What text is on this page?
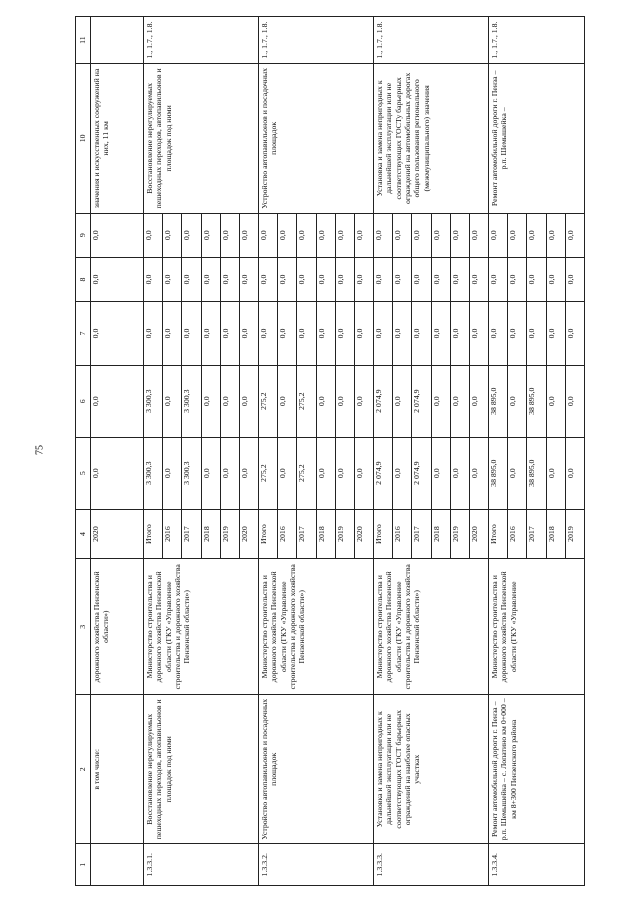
75
1	2	3	4	5	6	7	8	9	10	11
	в том числе:	дорожного хозяйства Пензенской области»)	2020	0,0	0,0	0,0	0,0	0,0	значения и искусственных сооружений на них, 11 км	
1.3.3.1.	Восстановление нерегулируемых пешеходных переходов, автопавильонов и площадок под ними	Министерство строительства и дорожного хозяйства Пензенской области (ГКУ «Управление строительства и дорожного хозяйства Пензенской области»)	Итого	3 300,3	3 300,3	0,0	0,0	0,0	Восстановление нерегулируемых пешеходных переходов, автопавильонов и площадок под ними	1., 1.7., 1.8.
			2016	0,0	0,0	0,0	0,0	0,0		
			2017	3 300,3	3 300,3	0,0	0,0	0,0		
			2018	0,0	0,0	0,0	0,0	0,0		
			2019	0,0	0,0	0,0	0,0	0,0		
			2020	0,0	0,0	0,0	0,0	0,0		
1.3.3.2.	Устройство автопавильонов и посадочных площадок	Министерство строительства и дорожного хозяйства Пензенской области (ГКУ «Управление строительства и дорожного хозяйства Пензенской области»)	Итого	275,2	275,2	0,0	0,0	0,0	Устройство автопавильонов и посадочных площадок	1., 1.7., 1.8.
			2016	0,0	0,0	0,0	0,0	0,0		
			2017	275,2	275,2	0,0	0,0	0,0		
			2018	0,0	0,0	0,0	0,0	0,0		
			2019	0,0	0,0	0,0	0,0	0,0		
			2020	0,0	0,0	0,0	0,0	0,0		
1.3.3.3.	Установка и замена непригодных к дальнейшей эксплуатации или не соответствующих ГОСТ барьерных ограждений на наиболее опасных участках	Министерство строительства и дорожного хозяйства Пензенской области (ГКУ «Управление строительства и дорожного хозяйства Пензенской области»)	Итого	2 074,9	2 074,9	0,0	0,0	0,0	Установка и замена непригодных к дальнейшей эксплуатации или не соответствующих ГОСТу барьерных ограждений на автомобильных дорогах общего пользования регионального (межмуниципального) значения	1., 1.7., 1.8.
			2016	0,0	0,0	0,0	0,0	0,0		
			2017	2 074,9	2 074,9	0,0	0,0	0,0		
			2018	0,0	0,0	0,0	0,0	0,0		
			2019	0,0	0,0	0,0	0,0	0,0		
			2020	0,0	0,0	0,0	0,0	0,0		
1.3.3.4.	Ремонт автомобильной дороги г. Пенза – р.п. Шемышейка – с. Лопатино км 0+000 – км 8+300 Пензенского района	Министерство строительства и дорожного хозяйства Пензенской области (ГКУ «Управление	Итого	38 895,0	38 895,0	0,0	0,0	0,0	Ремонт автомобильной дороги г. Пенза – р.п. Шемышейка –	1., 1.7., 1.8.
			2016	0,0	0,0	0,0	0,0	0,0		
			2017	38 895,0	38 895,0	0,0	0,0	0,0		
			2018	0,0	0,0	0,0	0,0	0,0		
			2019	0,0	0,0	0,0	0,0	0,0		
